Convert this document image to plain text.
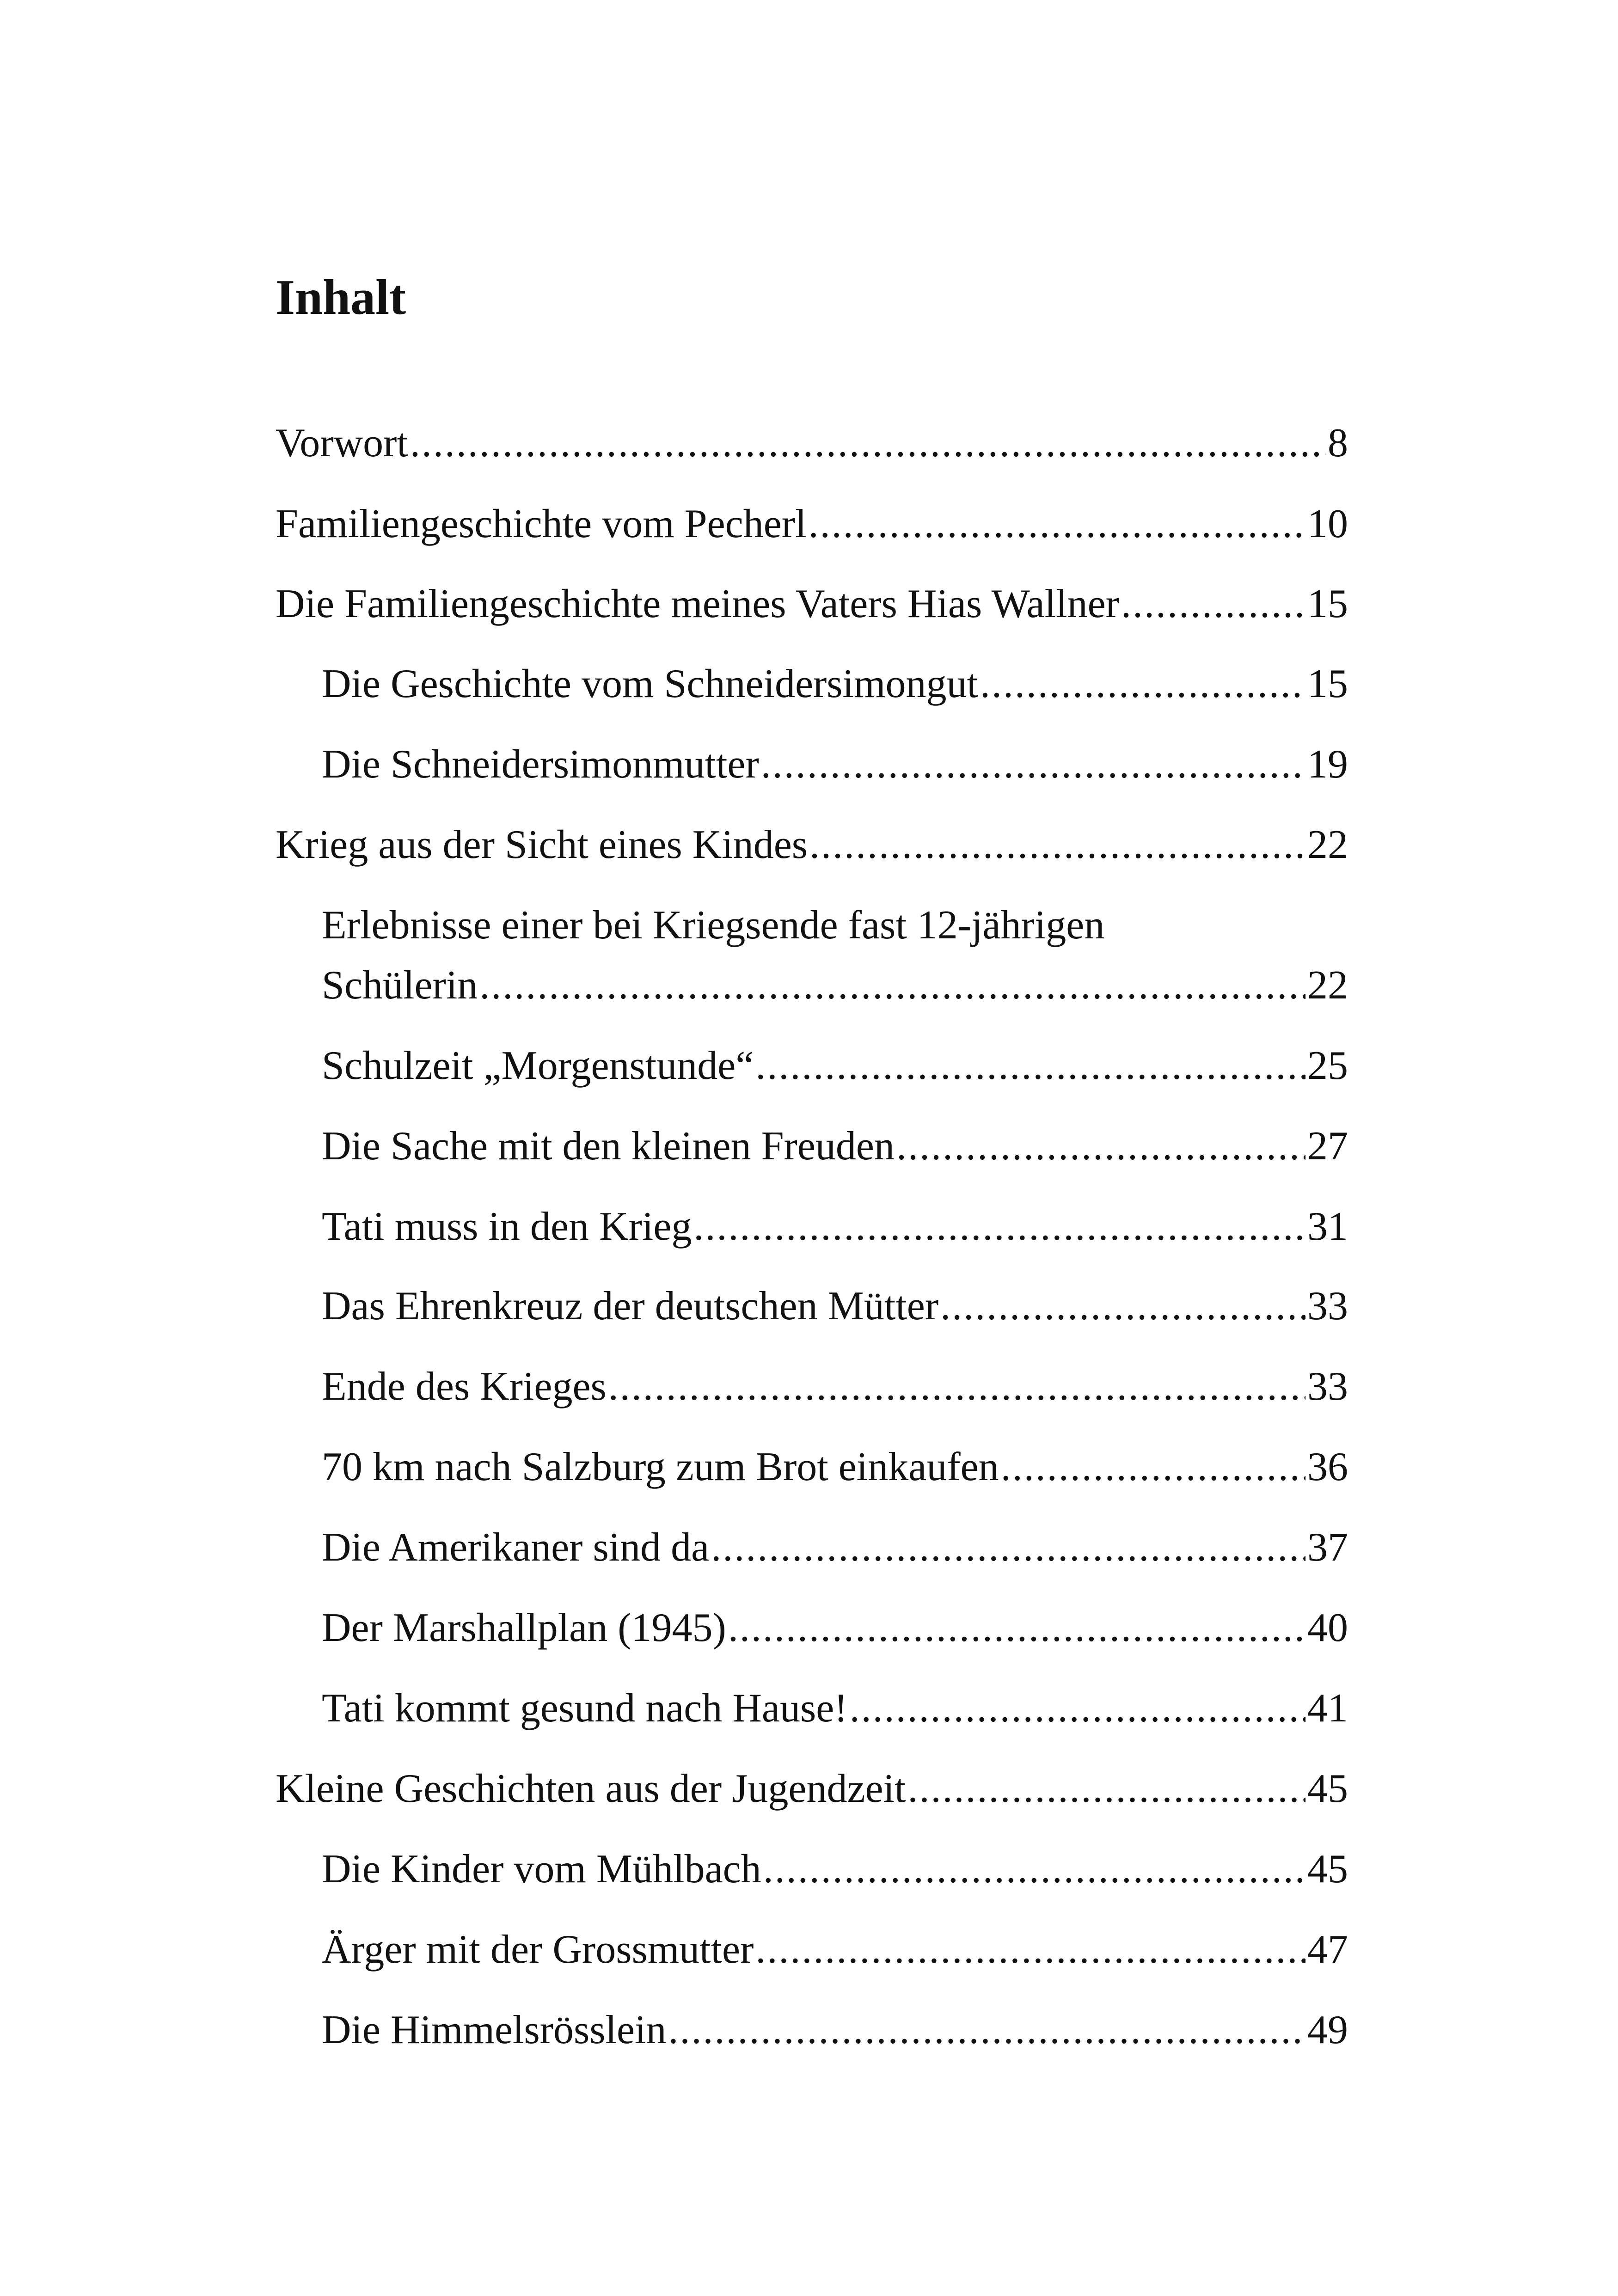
Inhalt
Vorwort .....	8
Familiengeschichte vom Pecherl .....	10
Die Familiengeschichte meines Vaters Hias Wallner .....	15
Die Geschichte vom Schneidersimongut .....	15
Die Schneidersimonmutter .....	19
Krieg aus der Sicht eines Kindes .....	22
Erlebnisse einer bei Kriegsende fast 12-jährigen
Schülerin .....	22
Schulzeit „Morgenstunde“ .....	25
Die Sache mit den kleinen Freuden .....	27
Tati muss in den Krieg .....	31
Das Ehrenkreuz der deutschen Mütter .....	33
Ende des Krieges .....	33
70 km nach Salzburg zum Brot einkaufen .....	36
Die Amerikaner sind da .....	37
Der Marshallplan (1945) .....	40
Tati kommt gesund nach Hause! .....	41
Kleine Geschichten aus der Jugendzeit .....	45
Die Kinder vom Mühlbach .....	45
Ärger mit der Grossmutter .....	47
Die Himmelsrösslein .....	49
